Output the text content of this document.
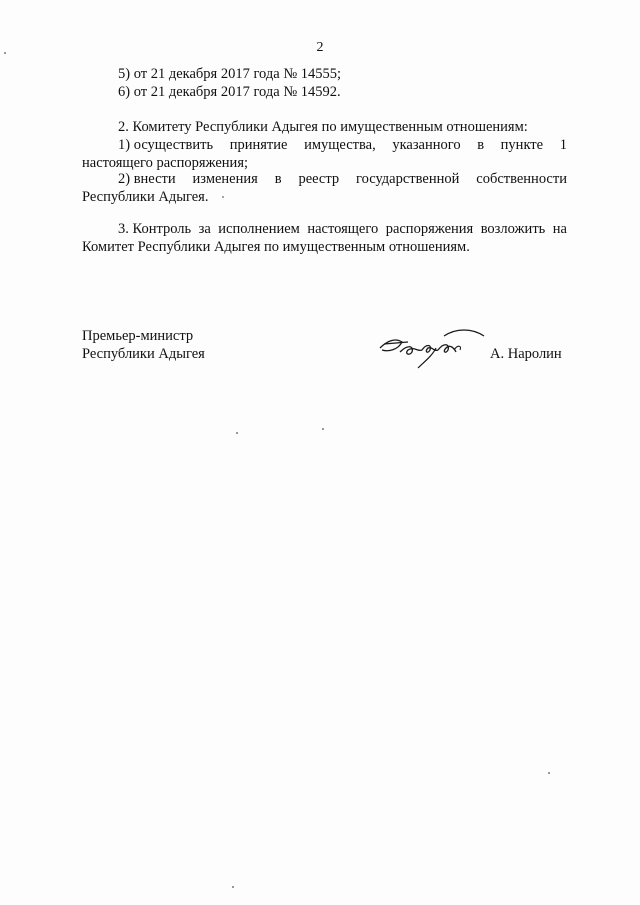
2
5) от 21 декабря 2017 года № 14555;
6) от 21 декабря 2017 года № 14592.
2. Комитету Республики Адыгея по имущественным отношениям:
1) осуществить принятие имущества, указанного в пункте 1
настоящего распоряжения;
2) внести изменения в реестр государственной собственности
Республики Адыгея.
3. Контроль за исполнением настоящего распоряжения возложить на
Комитет Республики Адыгея по имущественным отношениям.
Премьер-министр
Республики Адыгея	А. Наролин
